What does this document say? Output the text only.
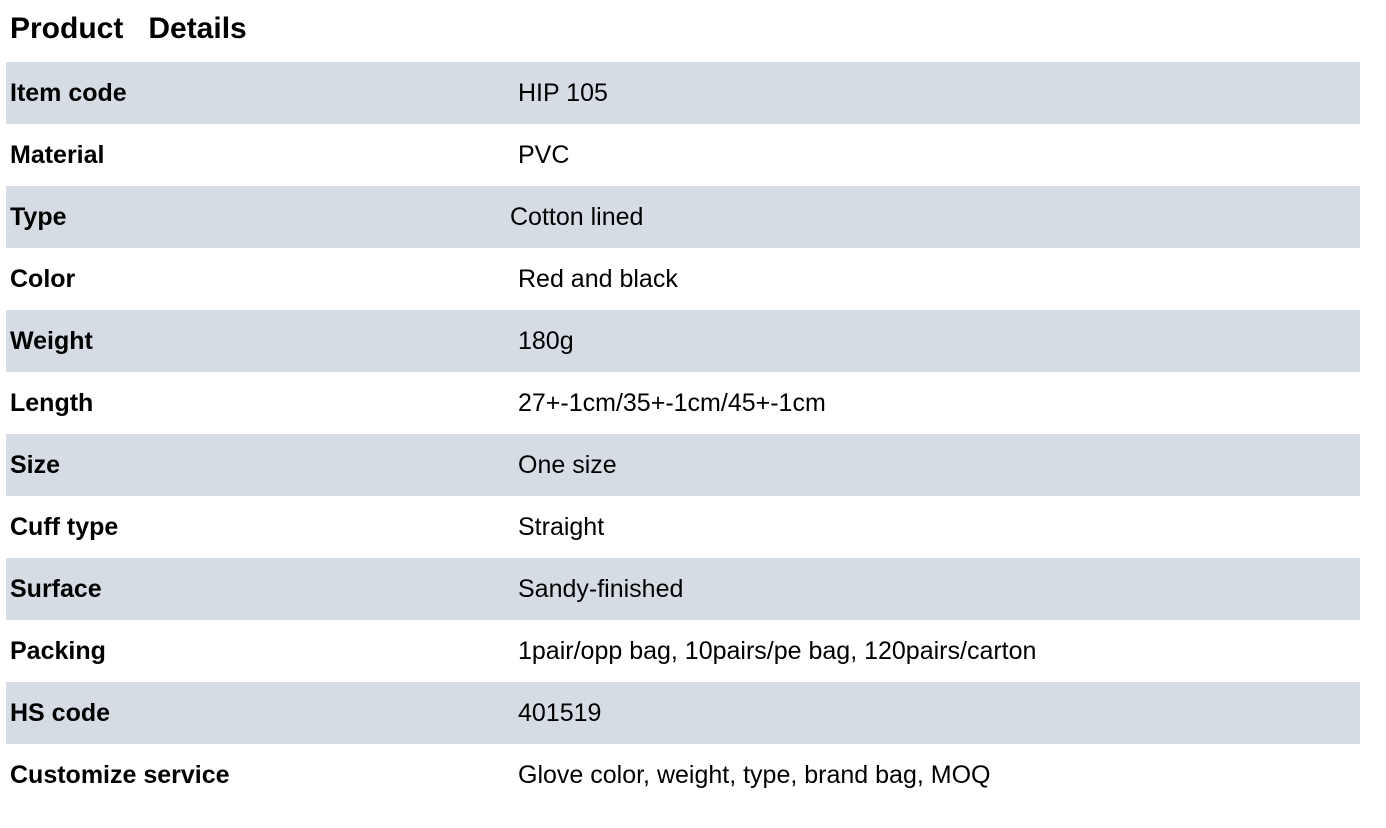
Product   Details
Item code	HIP 105
Material	PVC
Type	Cotton lined
Color	Red and black
Weight	180g
Length	27+-1cm/35+-1cm/45+-1cm
Size	One size
Cuff type	Straight
Surface	Sandy-finished
Packing	1pair/opp bag, 10pairs/pe bag, 120pairs/carton
HS code	401519
Customize service	Glove color, weight, type, brand bag, MOQ
